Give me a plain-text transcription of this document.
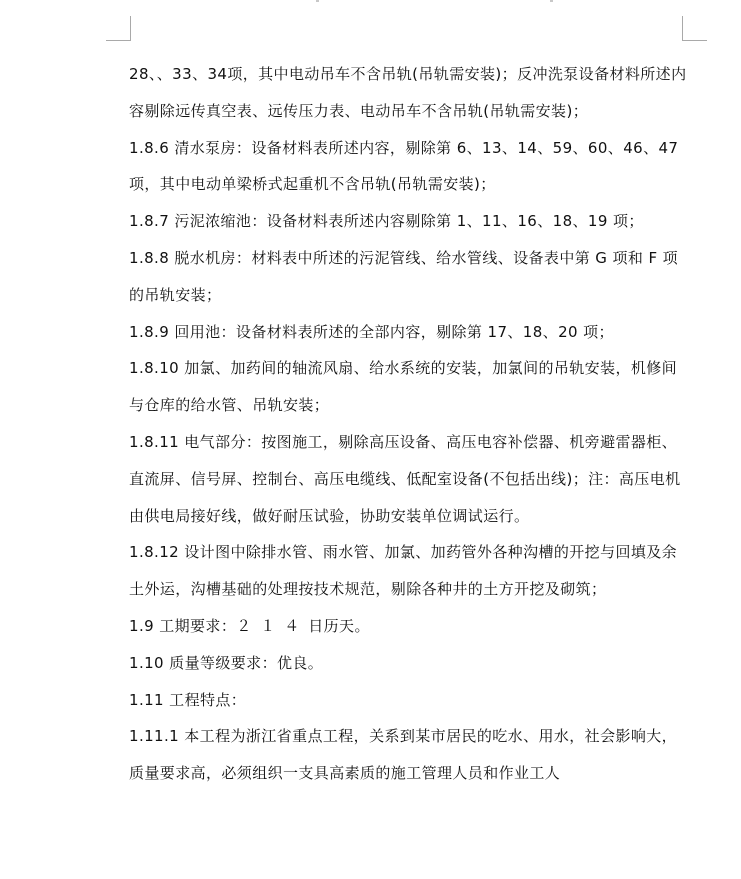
28、、33、34项，其中电动吊车不含吊轨(吊轨需安装)；反冲洗泵设备材料所述内容剔除远传真空表、远传压力表、电动吊车不含吊轨(吊轨需安装)；

1.8.6 清水泵房：设备材料表所述内容，剔除第 6、13、14、59、60、46、47 项，其中电动单梁桥式起重机不含吊轨(吊轨需安装)；

1.8.7 污泥浓缩池：设备材料表所述内容剔除第 1、11、16、18、19 项；

1.8.8 脱水机房：材料表中所述的污泥管线、给水管线、设备表中第 G 项和 F 项的吊轨安装；

1.8.9 回用池：设备材料表所述的全部内容，剔除第 17、18、20 项；

1.8.10 加氯、加药间的轴流风扇、给水系统的安装，加氯间的吊轨安装，机修间与仓库的给水管、吊轨安装；

1.8.11 电气部分：按图施工，剔除高压设备、高压电容补偿器、机旁避雷器柜、直流屏、信号屏、控制台、高压电缆线、低配室设备(不包括出线)；注：高压电机由供电局接好线，做好耐压试验，协助安装单位调试运行。

1.8.12 设计图中除排水管、雨水管、加氯、加药管外各种沟槽的开挖与回填及余土外运，沟槽基础的处理按技术规范，剔除各种井的土方开挖及砌筑；

1.9 工期要求：２１４日历天。

1.10 质量等级要求：优良。

1.11 工程特点：

1.11.1 本工程为浙江省重点工程，关系到某市居民的吃水、用水，社会影响大，质量要求高，必须组织一支具高素质的施工管理人员和作业工人
